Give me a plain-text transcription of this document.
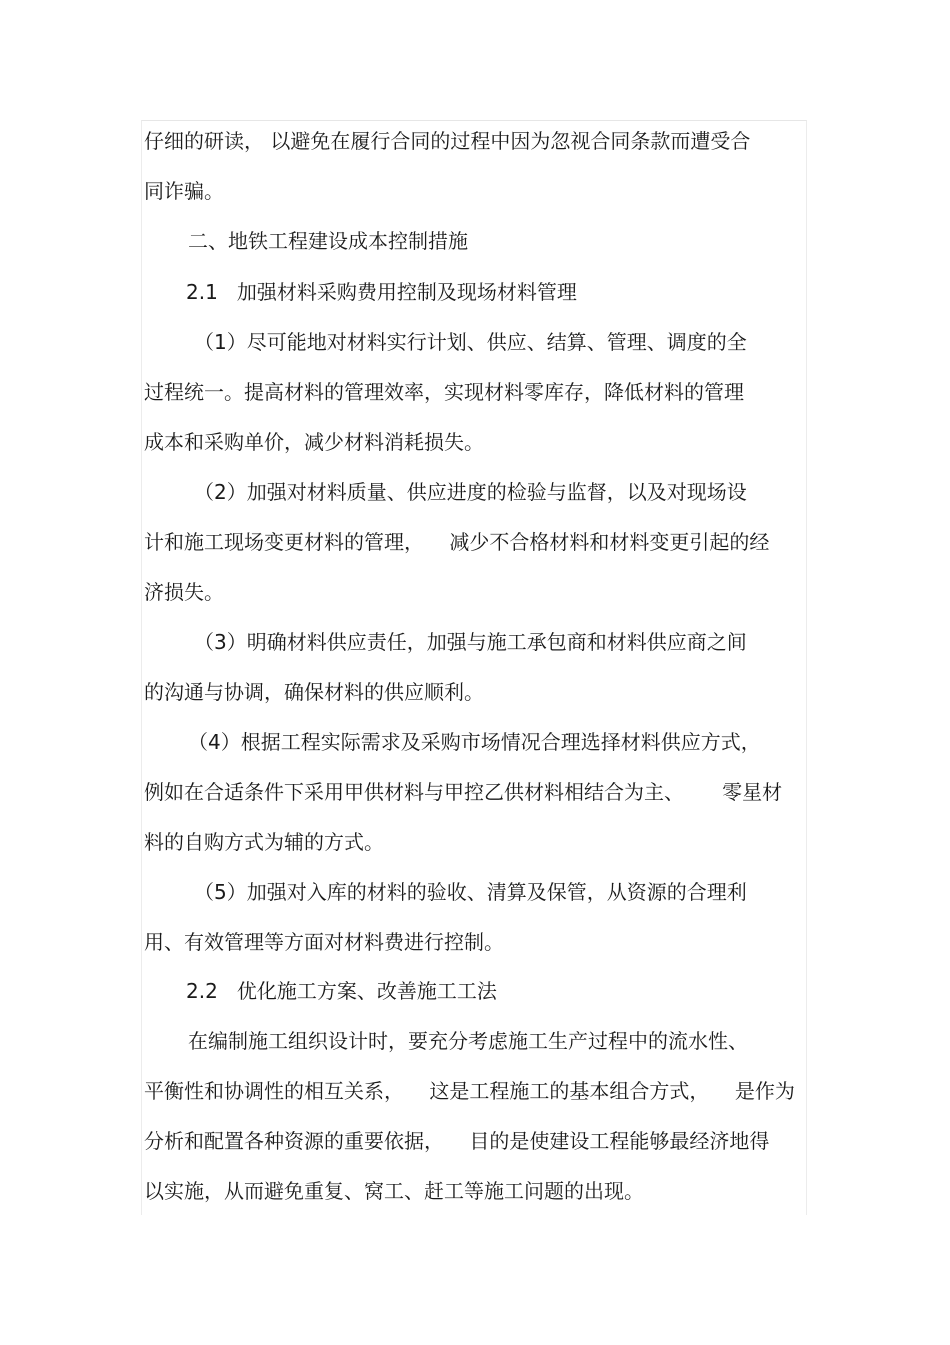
仔细的研读， 以避免在履行合同的过程中因为忽视合同条款而遭受合
同诈骗。
二、地铁工程建设成本控制措施
2.1   加强材料采购费用控制及现场材料管理
（1）尽可能地对材料实行计划、供应、结算、管理、调度的全
过程统一。提高材料的管理效率，实现材料零库存，降低材料的管理
成本和采购单价，减少材料消耗损失。
（2）加强对材料质量、供应进度的检验与监督，以及对现场设
计和施工现场变更材料的管理，    减少不合格材料和材料变更引起的经
济损失。
（3）明确材料供应责任，加强与施工承包商和材料供应商之间
的沟通与协调，确保材料的供应顺利。
（4）根据工程实际需求及采购市场情况合理选择材料供应方式，
例如在合适条件下采用甲供材料与甲控乙供材料相结合为主、      零星材
料的自购方式为辅的方式。
（5）加强对入库的材料的验收、清算及保管，从资源的合理利
用、有效管理等方面对材料费进行控制。
2.2   优化施工方案、改善施工工法
在编制施工组织设计时，要充分考虑施工生产过程中的流水性、
平衡性和协调性的相互关系，    这是工程施工的基本组合方式，    是作为
分析和配置各种资源的重要依据，    目的是使建设工程能够最经济地得
以实施，从而避免重复、窝工、赶工等施工问题的出现。
